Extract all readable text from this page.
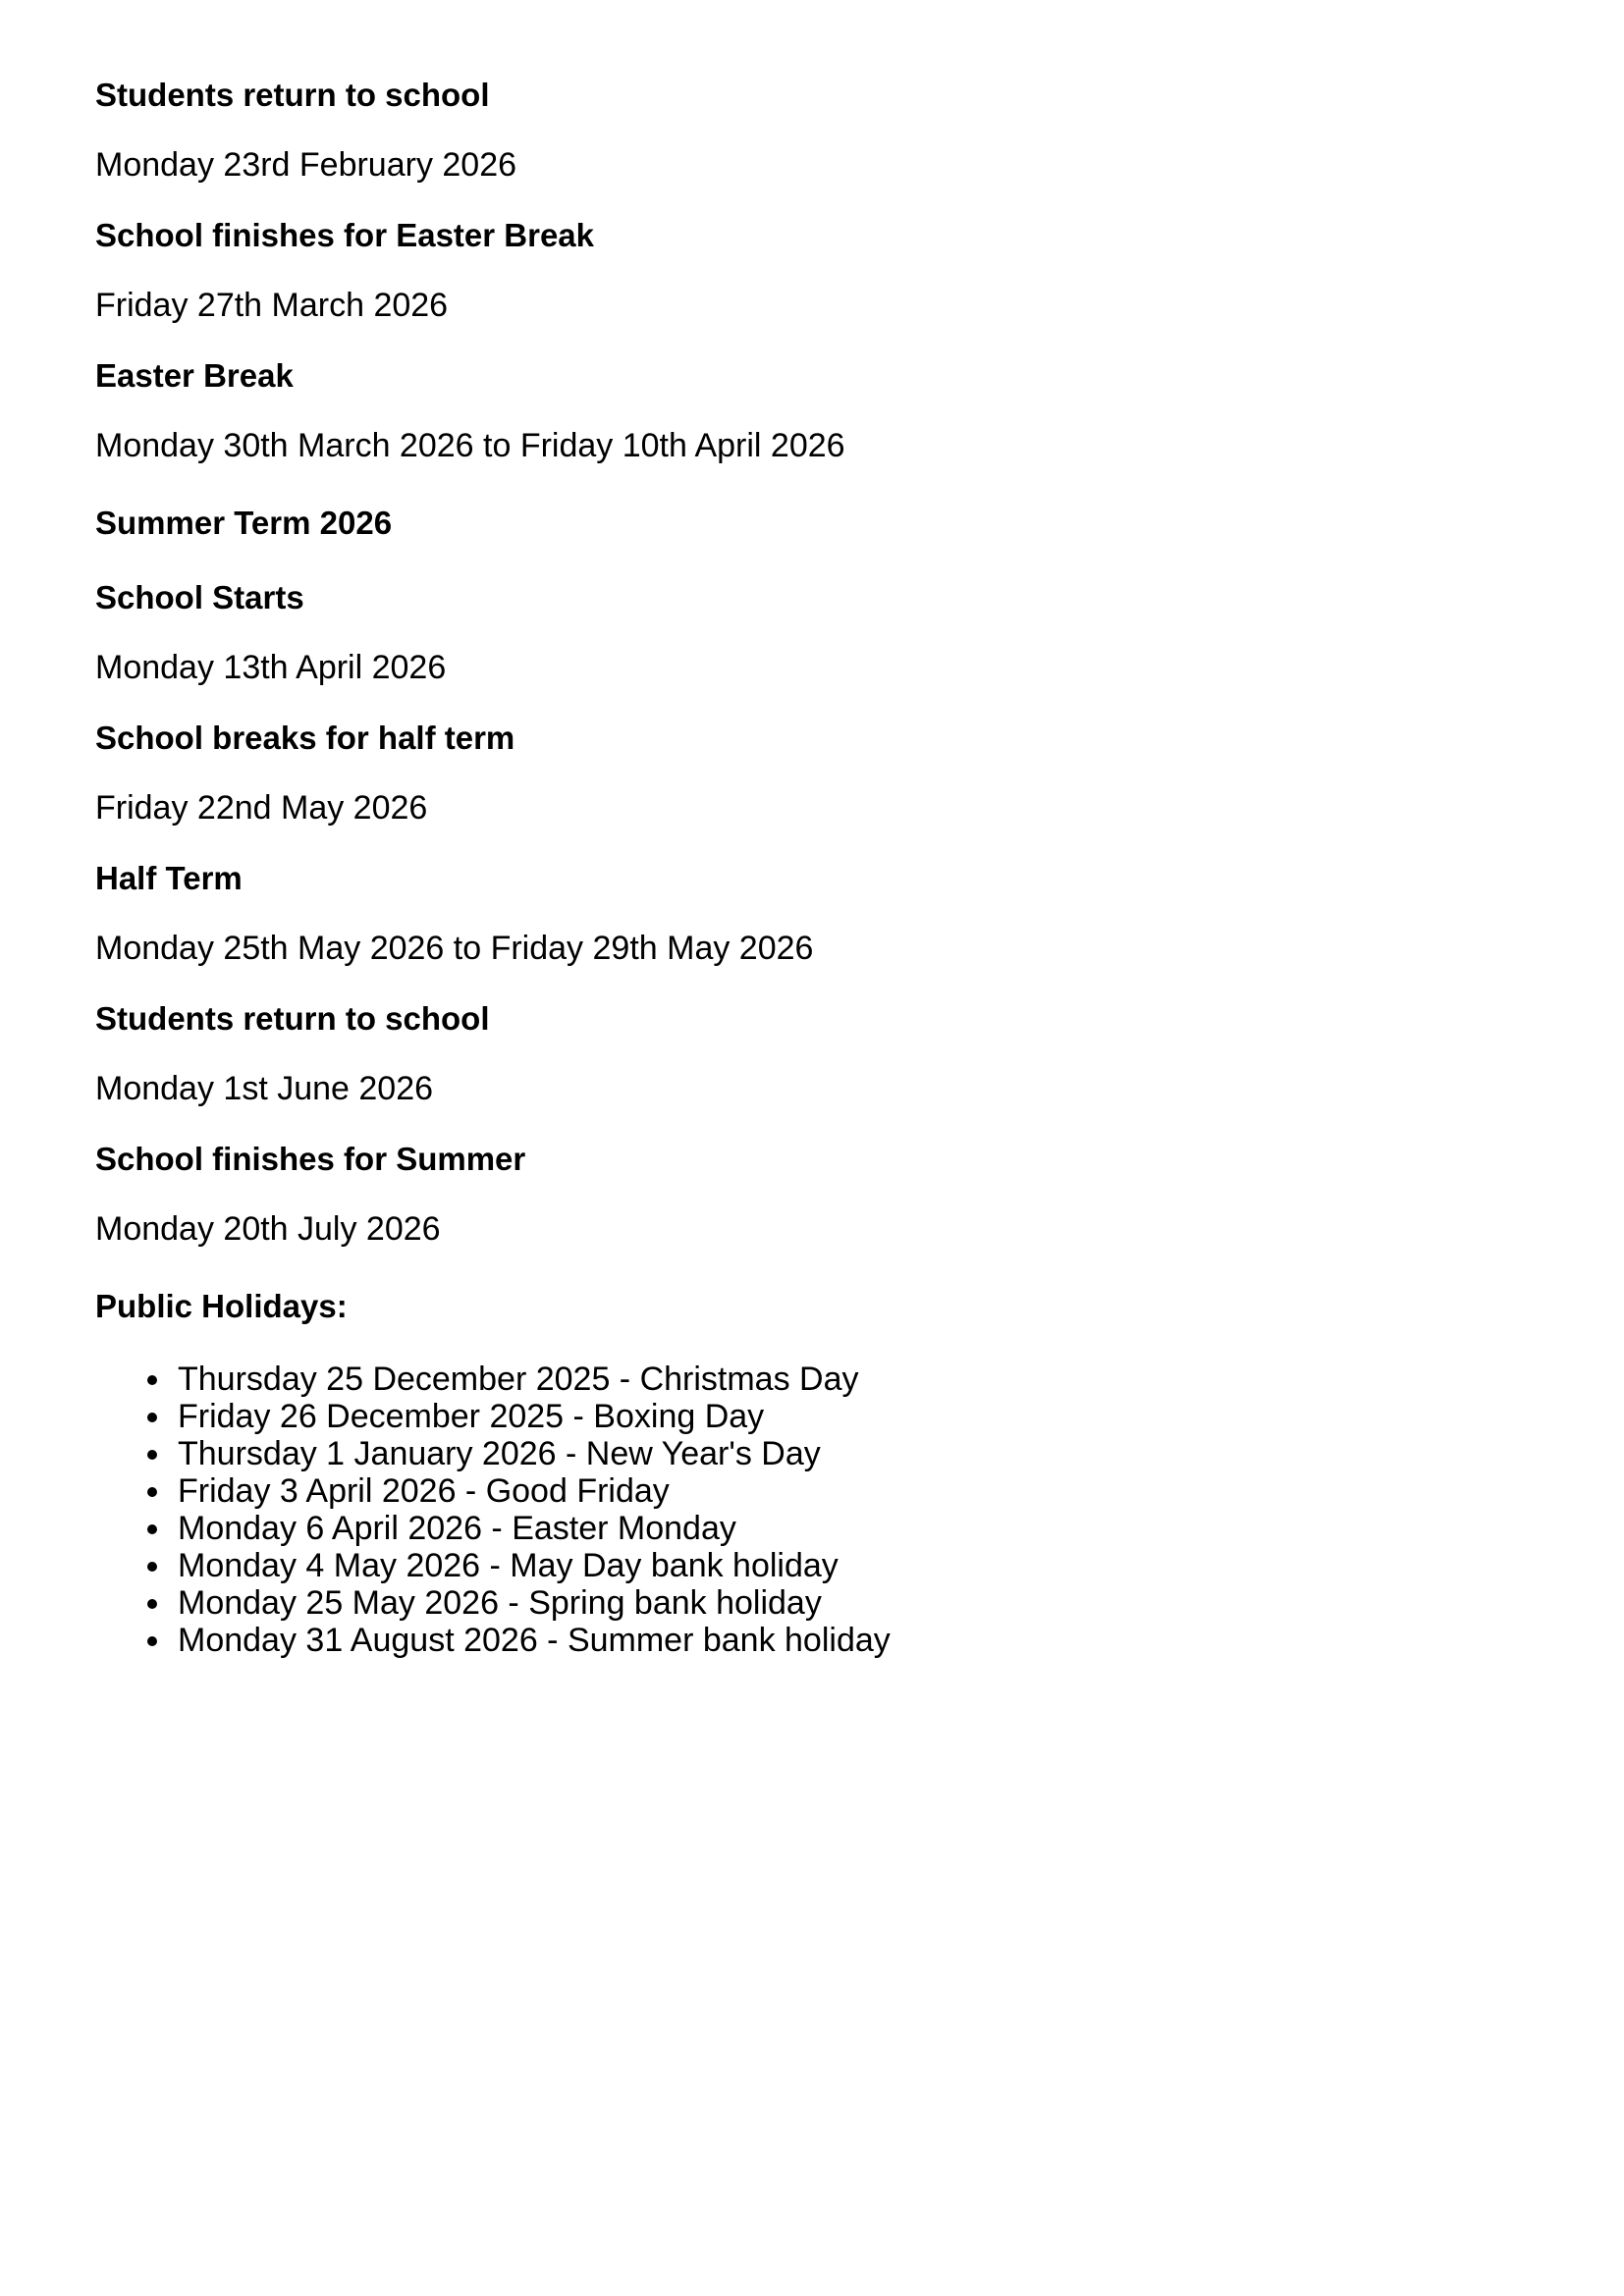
Students return to school

Monday 23rd February 2026

School finishes for Easter Break

Friday 27th March 2026

Easter Break

Monday 30th March 2026 to Friday 10th April 2026

Summer Term 2026
School Starts

Monday 13th April 2026

School breaks for half term

Friday 22nd May 2026

Half Term

Monday 25th May 2026 to Friday 29th May 2026

Students return to school

Monday 1st June 2026

School finishes for Summer

Monday 20th July 2026

Public Holidays:
Thursday 25 December 2025 - Christmas Day
Friday 26 December 2025 - Boxing Day
Thursday 1 January 2026 - New Year's Day
Friday 3 April 2026 - Good Friday
Monday 6 April 2026 - Easter Monday
Monday 4 May 2026 - May Day bank holiday
Monday 25 May 2026 - Spring bank holiday
Monday 31 August 2026 - Summer bank holiday
